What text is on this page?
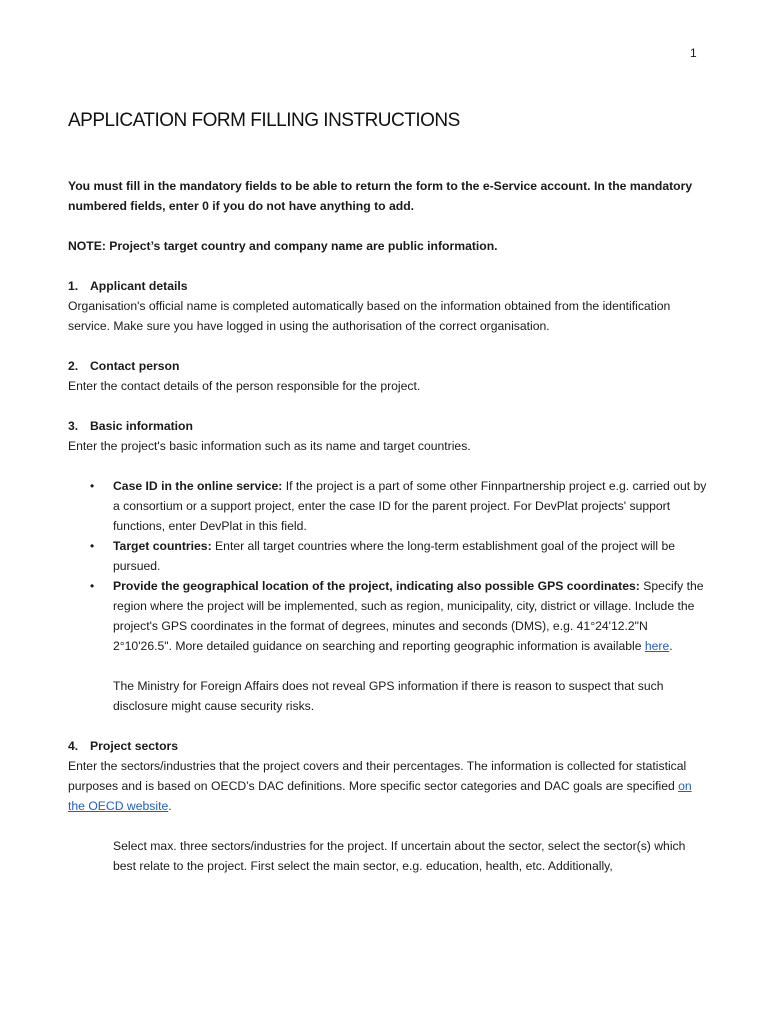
1
APPLICATION FORM FILLING INSTRUCTIONS

You must fill in the mandatory fields to be able to return the form to the e-Service account. In the mandatory numbered fields, enter 0 if you do not have anything to add.

NOTE: Project’s target country and company name are public information.

1. Applicant details

Organisation's official name is completed automatically based on the information obtained from the identification service. Make sure you have logged in using the authorisation of the correct organisation.

2. Contact person

Enter the contact details of the person responsible for the project.

3. Basic information

Enter the project's basic information such as its name and target countries.

• Case ID in the online service: If the project is a part of some other Finnpartnership project e.g. carried out by a consortium or a support project, enter the case ID for the parent project. For DevPlat projects' support functions, enter DevPlat in this field.
• Target countries: Enter all target countries where the long-term establishment goal of the project will be pursued.
• Provide the geographical location of the project, indicating also possible GPS coordinates: Specify the region where the project will be implemented, such as region, municipality, city, district or village. Include the project's GPS coordinates in the format of degrees, minutes and seconds (DMS), e.g. 41°24'12.2"N 2°10'26.5". More detailed guidance on searching and reporting geographic information is available here.

The Ministry for Foreign Affairs does not reveal GPS information if there is reason to suspect that such disclosure might cause security risks.

4. Project sectors

Enter the sectors/industries that the project covers and their percentages. The information is collected for statistical purposes and is based on OECD’s DAC definitions. More specific sector categories and DAC goals are specified on the OECD website.

Select max. three sectors/industries for the project. If uncertain about the sector, select the sector(s) which best relate to the project. First select the main sector, e.g. education, health, etc. Additionally,
